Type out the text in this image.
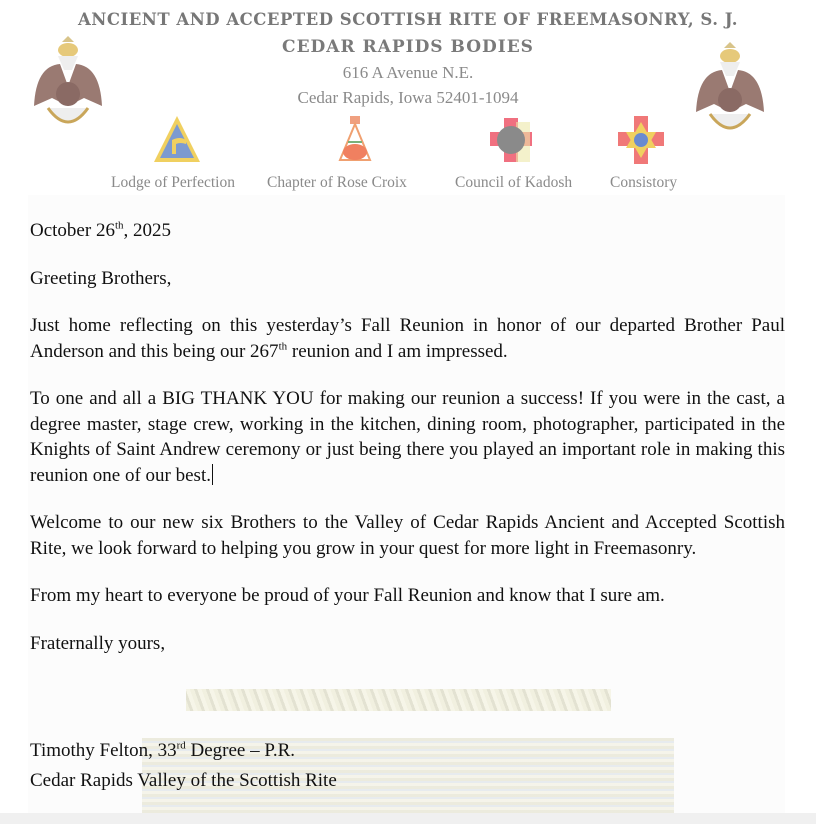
ANCIENT AND ACCEPTED SCOTTISH RITE OF FREEMASONRY, S. J.
CEDAR RAPIDS BODIES
616 A Avenue N.E.
Cedar Rapids, Iowa 52401-1094
Lodge of Perfection Chapter of Rose Croix	Council of Kadosh Consistory

October 26th, 2025

Greeting Brothers,

Just home reflecting on this yesterday’s Fall Reunion in honor of our departed Brother Paul Anderson and this being our 267th reunion and I am impressed.

To one and all a BIG THANK YOU for making our reunion a success! If you were in the cast, a degree master, stage crew, working in the kitchen, dining room, photographer, participated in the Knights of Saint Andrew ceremony or just being there you played an important role in making this reunion one of our best.

Welcome to our new six Brothers to the Valley of Cedar Rapids Ancient and Accepted Scottish Rite, we look forward to helping you grow in your quest for more light in Freemasonry.

From my heart to everyone be proud of your Fall Reunion and know that I sure am.

Fraternally yours,

Timothy Felton, 33rd Degree – P.R.
Cedar Rapids Valley of the Scottish Rite
